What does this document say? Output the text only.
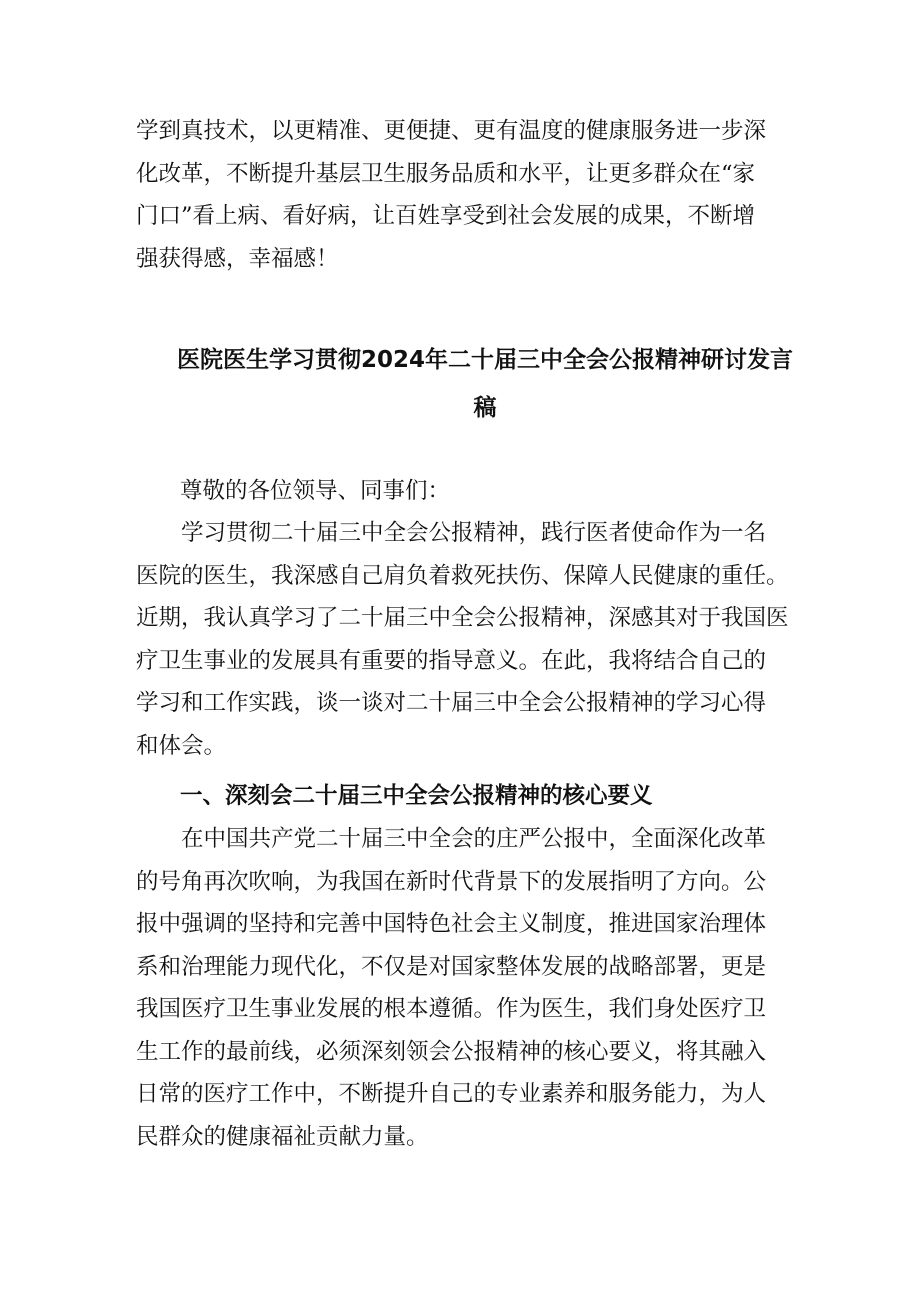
学到真技术，以更精准、更便捷、更有温度的健康服务进一步深
化改革，不断提升基层卫生服务品质和水平，让更多群众在“家
门口”看上病、看好病，让百姓享受到社会发展的成果，不断增
强获得感，幸福感！
医院医生学习贯彻2024年二十届三中全会公报精神研讨发言
稿
尊敬的各位领导、同事们：
学习贯彻二十届三中全会公报精神，践行医者使命作为一名
医院的医生，我深感自己肩负着救死扶伤、保障人民健康的重任。
近期，我认真学习了二十届三中全会公报精神，深感其对于我国医
疗卫生事业的发展具有重要的指导意义。在此，我将结合自己的
学习和工作实践，谈一谈对二十届三中全会公报精神的学习心得
和体会。
一、深刻会二十届三中全会公报精神的核心要义
在中国共产党二十届三中全会的庄严公报中，全面深化改革
的号角再次吹响，为我国在新时代背景下的发展指明了方向。公
报中强调的坚持和完善中国特色社会主义制度，推进国家治理体
系和治理能力现代化，不仅是对国家整体发展的战略部署，更是
我国医疗卫生事业发展的根本遵循。作为医生，我们身处医疗卫
生工作的最前线，必须深刻领会公报精神的核心要义，将其融入
日常的医疗工作中，不断提升自己的专业素养和服务能力，为人
民群众的健康福祉贡献力量。
